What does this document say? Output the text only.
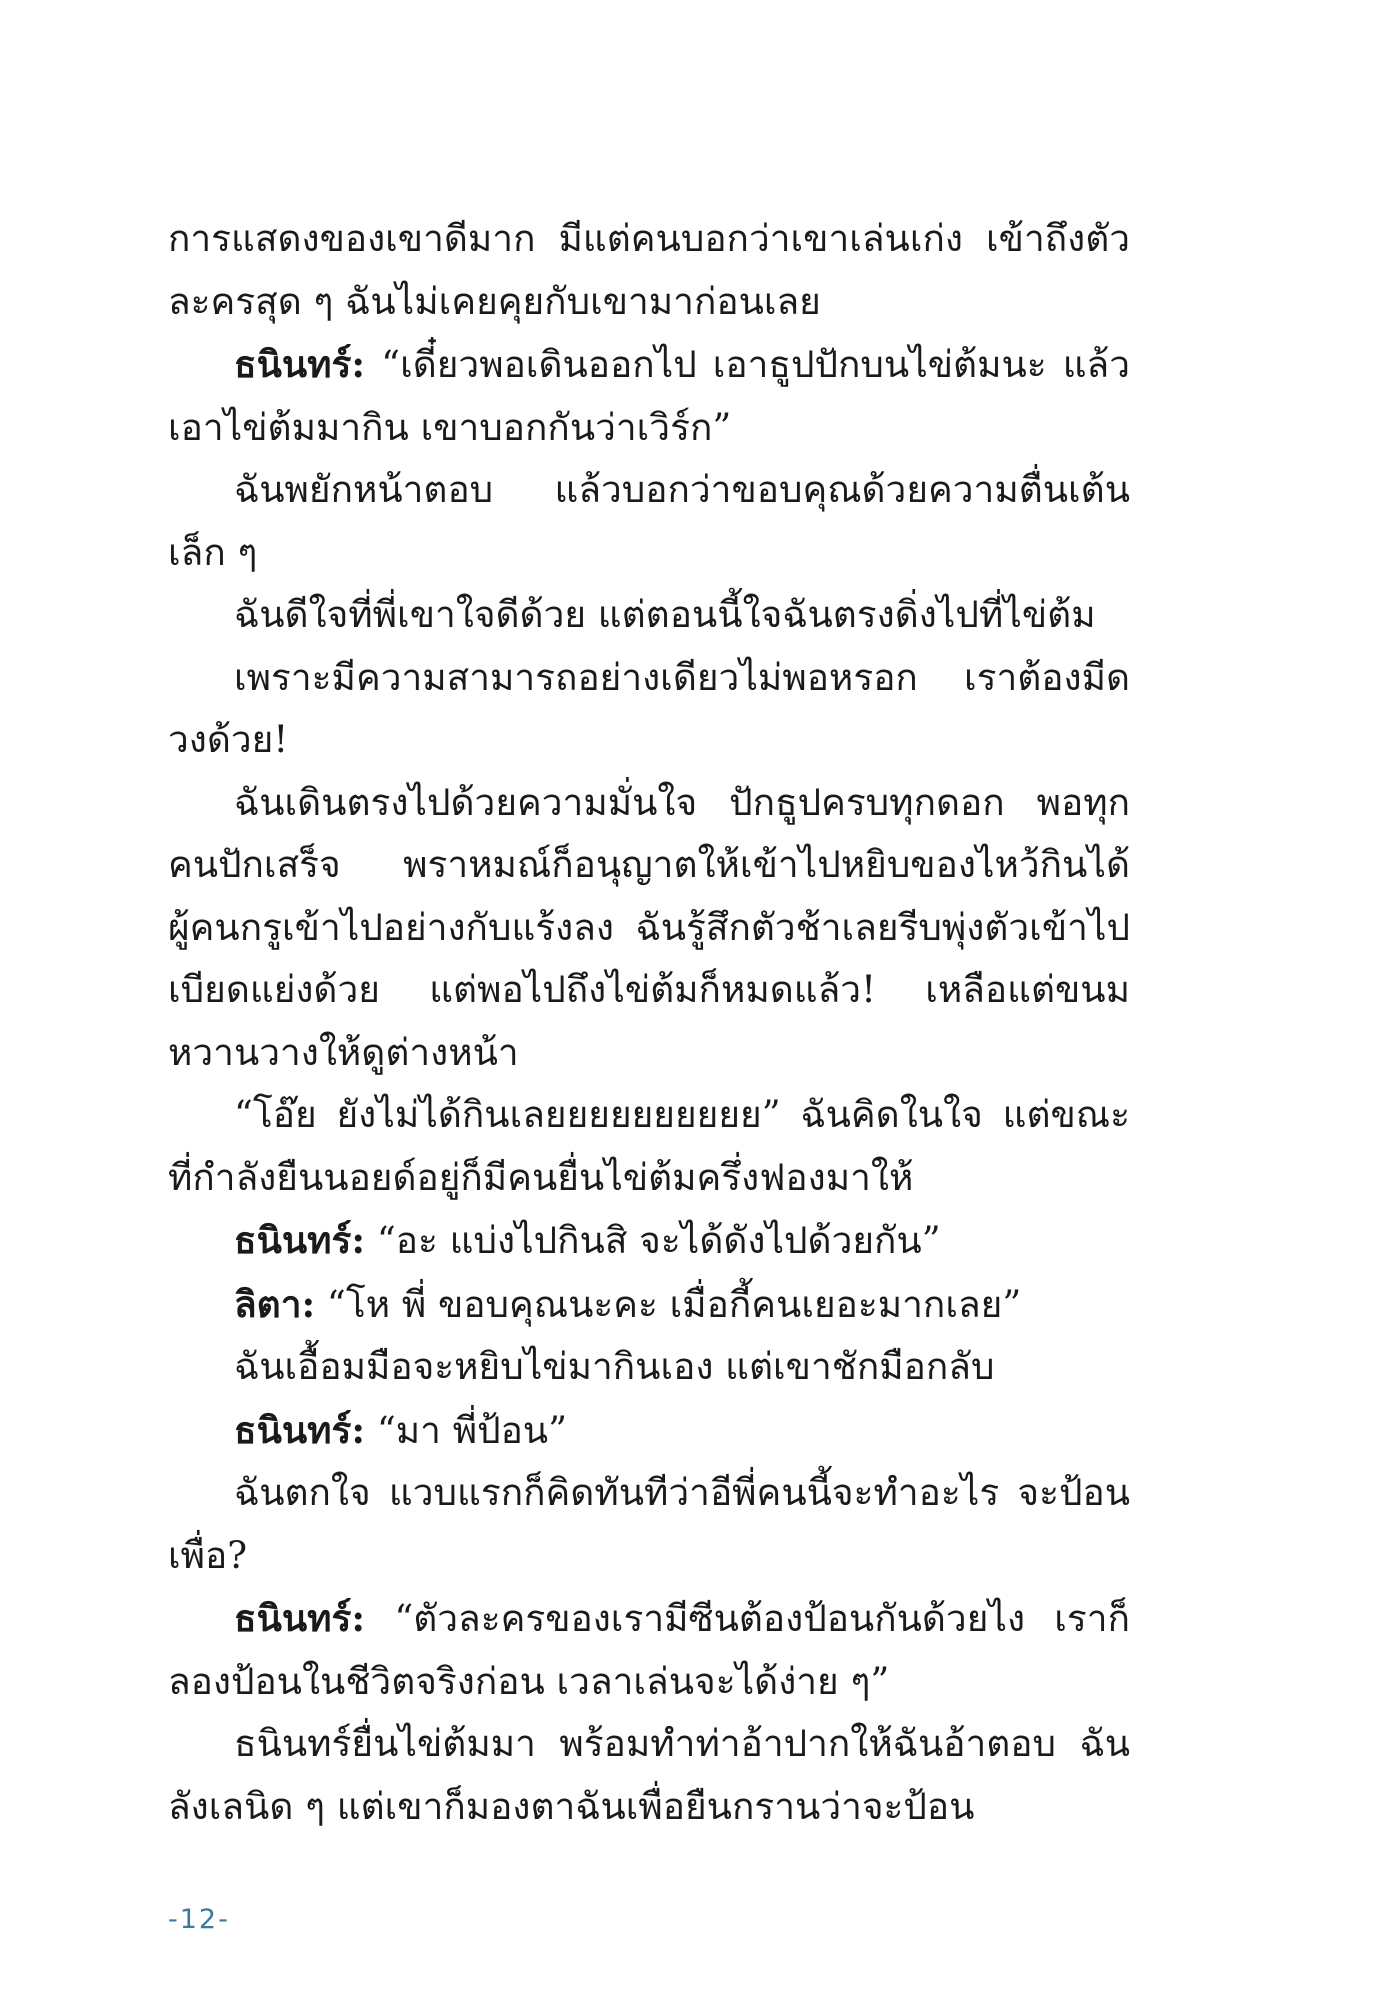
การแสดงของเขาดีมาก มีแต่คนบอกว่าเขาเล่นเก่ง เข้าถึงตัวละครสุด ๆ ฉันไม่เคยคุยกับเขามาก่อนเลย

ธนินทร์: “เดี๋ยวพอเดินออกไป เอาธูปปักบนไข่ต้มนะ แล้วเอาไข่ต้มมากิน เขาบอกกันว่าเวิร์ก”

ฉันพยักหน้าตอบ แล้วบอกว่าขอบคุณด้วยความตื่นเต้นเล็ก ๆ

ฉันดีใจที่พี่เขาใจดีด้วย แต่ตอนนี้ใจฉันตรงดิ่งไปที่ไข่ต้ม

เพราะมีความสามารถอย่างเดียวไม่พอหรอก เราต้องมีดวงด้วย!

ฉันเดินตรงไปด้วยความมั่นใจ ปักธูปครบทุกดอก พอทุกคนปักเสร็จ พราหมณ์ก็อนุญาตให้เข้าไปหยิบของไหว้กินได้ ผู้คนกรูเข้าไปอย่างกับแร้งลง ฉันรู้สึกตัวช้าเลยรีบพุ่งตัวเข้าไปเบียดแย่งด้วย แต่พอไปถึงไข่ต้มก็หมดแล้ว! เหลือแต่ขนมหวานวางให้ดูต่างหน้า

“โอ๊ย ยังไม่ได้กินเลยยยยยยยยยย” ฉันคิดในใจ แต่ขณะที่กำลังยืนนอยด์อยู่ก็มีคนยื่นไข่ต้มครึ่งฟองมาให้

ธนินทร์: “อะ แบ่งไปกินสิ จะได้ดังไปด้วยกัน”

ลิตา: “โห พี่ ขอบคุณนะคะ เมื่อกี้คนเยอะมากเลย”

ฉันเอื้อมมือจะหยิบไข่มากินเอง แต่เขาชักมือกลับ

ธนินทร์: “มา พี่ป้อน”

ฉันตกใจ แวบแรกก็คิดทันทีว่าอีพี่คนนี้จะทำอะไร จะป้อนเพื่อ?

ธนินทร์: “ตัวละครของเรามีซีนต้องป้อนกันด้วยไง เราก็ลองป้อนในชีวิตจริงก่อน เวลาเล่นจะได้ง่าย ๆ”

ธนินทร์ยื่นไข่ต้มมา พร้อมทำท่าอ้าปากให้ฉันอ้าตอบ ฉันลังเลนิด ๆ แต่เขาก็มองตาฉันเพื่อยืนกรานว่าจะป้อน

-12-
